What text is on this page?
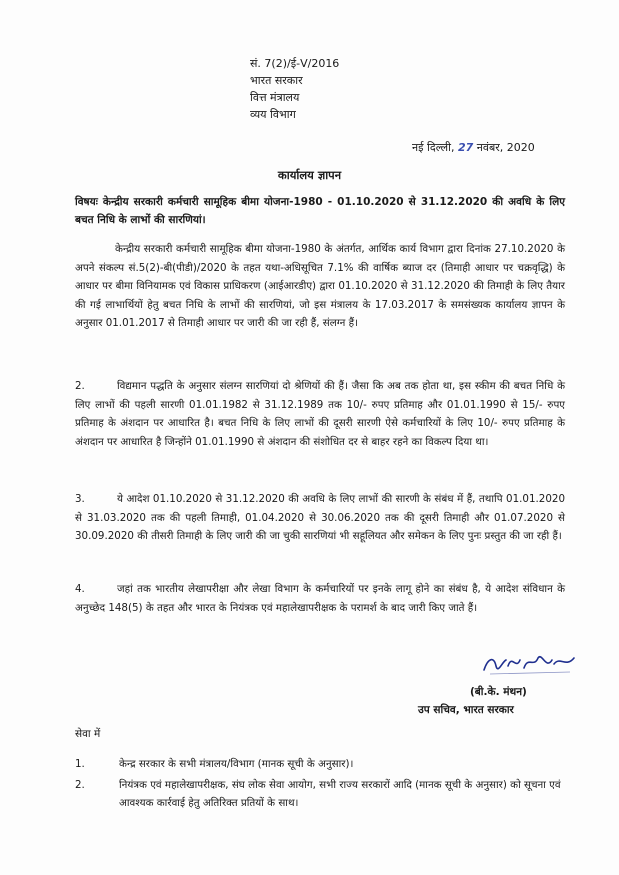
सं. 7(2)/ई-V/2016
भारत सरकार
वित्त मंत्रालय
व्यय विभाग
नई दिल्ली, 27 नवंबर, 2020
कार्यालय ज्ञापन
विषयः केन्द्रीय सरकारी कर्मचारी सामूहिक बीमा योजना-1980 - 01.10.2020 से 31.12.2020 की अवधि के लिए बचत निधि के लाभों की सारणियां।
केन्द्रीय सरकारी कर्मचारी सामूहिक बीमा योजना-1980 के अंतर्गत, आर्थिक कार्य विभाग द्वारा दिनांक 27.10.2020 के अपने संकल्प सं.5(2)-बी(पीडी)/2020 के तहत यथा-अधिसूचित 7.1% की वार्षिक ब्याज दर (तिमाही आधार पर चक्रवृद्धि) के आधार पर बीमा विनियामक एवं विकास प्राधिकरण (आईआरडीए) द्वारा 01.10.2020 से 31.12.2020 की तिमाही के लिए तैयार की गई लाभार्थियों हेतु बचत निधि के लाभों की सारणियां, जो इस मंत्रालय के 17.03.2017 के समसंख्यक कार्यालय ज्ञापन के अनुसार 01.01.2017 से तिमाही आधार पर जारी की जा रही हैं, संलग्न हैं।
2.	विद्यमान पद्धति के अनुसार संलग्न सारणियां दो श्रेणियों की हैं। जैसा कि अब तक होता था, इस स्कीम की बचत निधि के लिए लाभों की पहली सारणी 01.01.1982 से 31.12.1989 तक 10/- रुपए प्रतिमाह और 01.01.1990 से 15/- रुपए प्रतिमाह के अंशदान पर आधारित है। बचत निधि के लिए लाभों की दूसरी सारणी ऐसे कर्मचारियों के लिए 10/- रुपए प्रतिमाह के अंशदान पर आधारित है जिन्होंने 01.01.1990 से अंशदान की संशोधित दर से बाहर रहने का विकल्प दिया था।
3.	ये आदेश 01.10.2020 से 31.12.2020 की अवधि के लिए लाभों की सारणी के संबंध में हैं, तथापि 01.01.2020 से 31.03.2020 तक की पहली तिमाही, 01.04.2020 से 30.06.2020 तक की दूसरी तिमाही और 01.07.2020 से 30.09.2020 की तीसरी तिमाही के लिए जारी की जा चुकी सारणियां भी सहूलियत और समेकन के लिए पुनः प्रस्तुत की जा रही हैं।
4.	जहां तक भारतीय लेखापरीक्षा और लेखा विभाग के कर्मचारियों पर इनके लागू होने का संबंध है, ये आदेश संविधान के अनुच्छेद 148(5) के तहत और भारत के नियंत्रक एवं महालेखापरीक्षक के परामर्श के बाद जारी किए जाते हैं।
(बी.के. मंथन)
उप सचिव, भारत सरकार
सेवा में
1.	केन्द्र सरकार के सभी मंत्रालय/विभाग (मानक सूची के अनुसार)।
2.	नियंत्रक एवं महालेखापरीक्षक, संघ लोक सेवा आयोग, सभी राज्य सरकारों आदि (मानक सूची के अनुसार) को सूचना एवं आवश्यक कार्रवाई हेतु अतिरिक्त प्रतियों के साथ।
